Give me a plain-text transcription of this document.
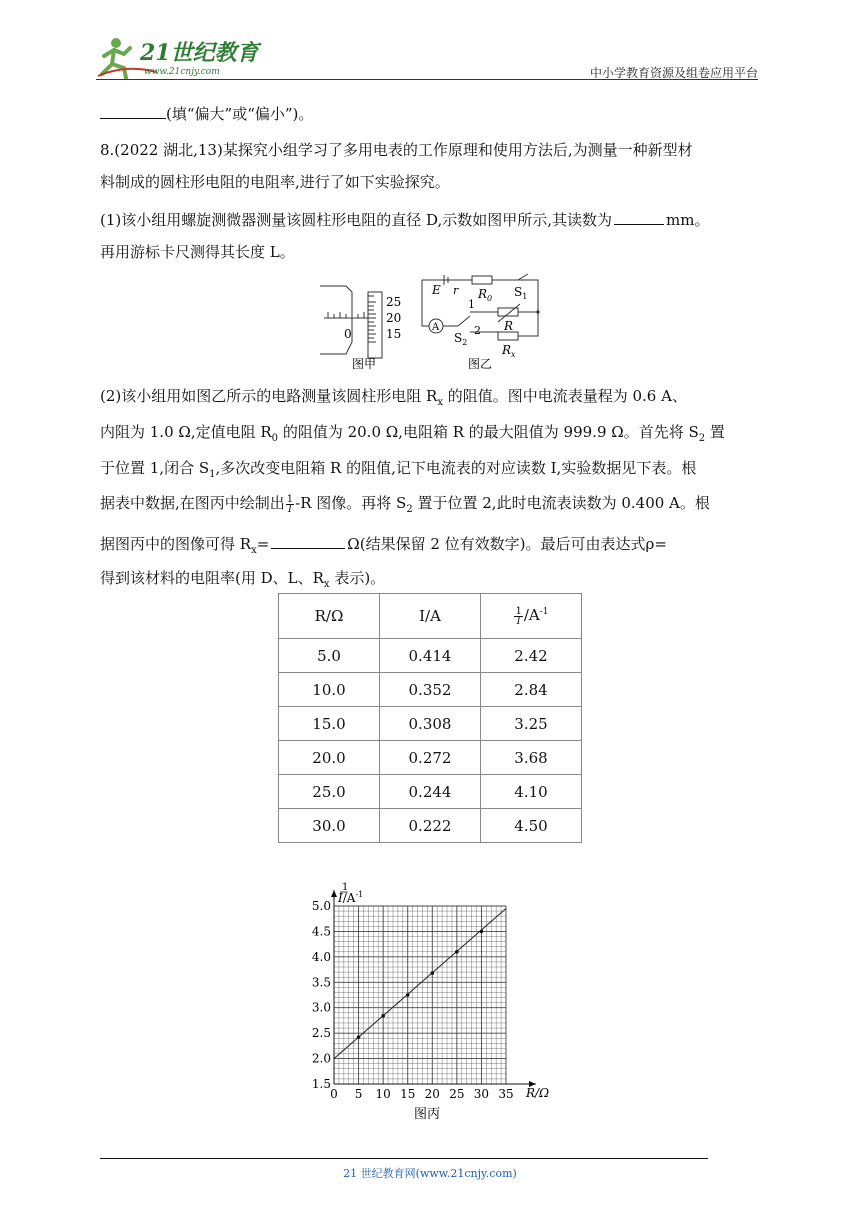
21世纪教育
www.21cnjy.com	中小学教育资源及组卷应用平台
(填“偏大”或“偏小”)。
8.(2022 湖北,13)某探究小组学习了多用电表的工作原理和使用方法后,为测量一种新型材
料制成的圆柱形电阻的电阻率,进行了如下实验探究。
(1)该小组用螺旋测微器测量该圆柱形电阻的直径 D,示数如图甲所示,其读数为	mm。
再用游标卡尺测得其长度 L。
25
20
15
0
图甲
A
E r $R_0$ $S_1$
1
2
$S_2$
R
$R_x$
图乙
(2)该小组用如图乙所示的电路测量该圆柱形电阻 $R_x$ 的阻值。图中电流表量程为 0.6 A、
内阻为 1.0 Ω,定值电阻 $R_0$ 的阻值为 20.0 Ω,电阻箱 R 的最大阻值为 999.9 Ω。首先将 $S_2$ 置
于位置 1,闭合 $S_1$,多次改变电阻箱 R 的阻值,记下电流表的对应读数 I,实验数据见下表。根
据表中数据,在图丙中绘制出 $\frac{1}{I} -R$ 图像。再将 $S_2$ 置于位置 2,此时电流表读数为 0.400 A。根
据图丙中的图像可得 $R_x=$	Ω(结果保留 2 位有效数字)。最后可由表达式ρ=
得到该材料的电阻率(用 D、L、$R_x$ 表示)。
R/Ω	I/A	$\frac{1}{I} /A^{-1}$
5.0	0.414	2.42
10.0	0.352	2.84
15.0	0.308	3.25
20.0	0.272	3.68
25.0	0.244	4.10
30.0	0.222	4.50
0 5 10 15 20 25 30 35
1.5
2.0
2.5
3.0
3.5
4.0
4.5
5.0
$I/A^{-1}$
1
R/Ω
图丙
21 世纪教育网(www.21cnjy.com)
